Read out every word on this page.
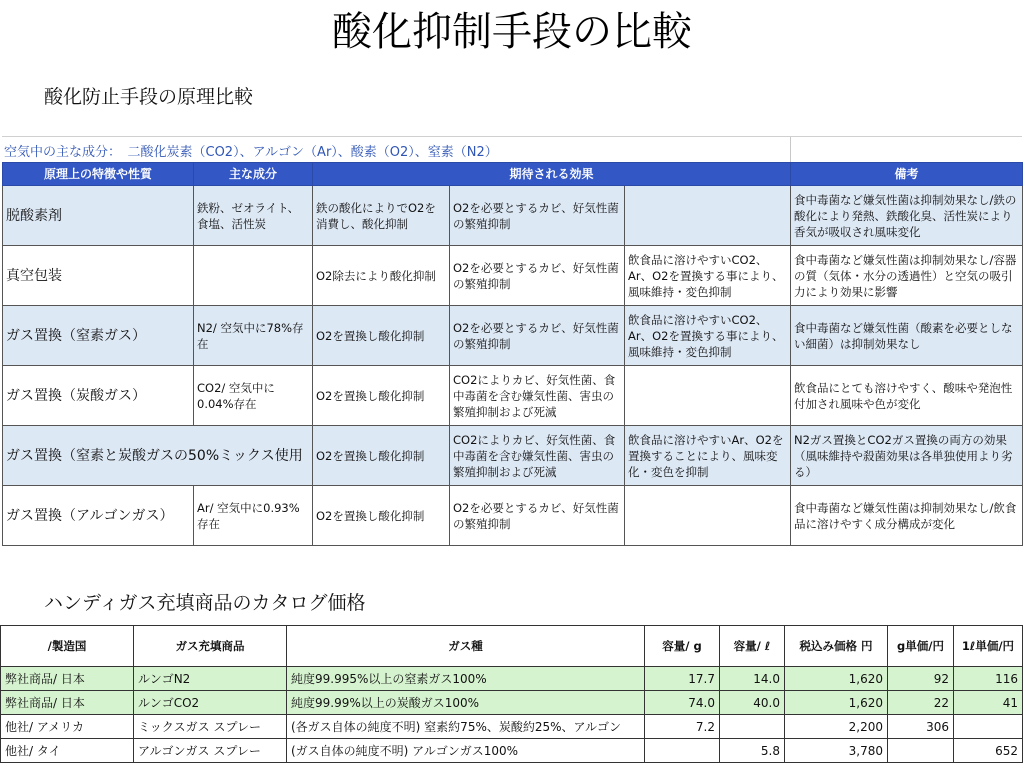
酸化抑制手段の比較
酸化防止手段の原理比較
空気中の主な成分：　二酸化炭素（CO2）、アルゴン（Ar）、酸素（O2）、窒素（N2）
原理上の特徴や性質	主な成分	期待される効果			備考
脱酸素剤	鉄粉、ゼオライト、食塩、活性炭	鉄の酸化によりでO2を消費し、酸化抑制	O2を必要とするカビ、好気性菌の繁殖抑制		食中毒菌など嫌気性菌は抑制効果なし/鉄の酸化により発熱、鉄酸化臭、活性炭により香気が吸収され風味変化
真空包装		O2除去により酸化抑制	O2を必要とするカビ、好気性菌の繁殖抑制	飲食品に溶けやすいCO2、Ar、O2を置換する事により、風味維持・変色抑制	食中毒菌など嫌気性菌は抑制効果なし/容器の質（気体・水分の透過性）と空気の吸引力により効果に影響
ガス置換（窒素ガス）	N2/ 空気中に78%存在	O2を置換し酸化抑制	O2を必要とするカビ、好気性菌の繁殖抑制	飲食品に溶けやすいCO2、Ar、O2を置換する事により、風味維持・変色抑制	食中毒菌など嫌気性菌（酸素を必要としない細菌）は抑制効果なし
ガス置換（炭酸ガス）	CO2/ 空気中に0.04%存在	O2を置換し酸化抑制	CO2によりカビ、好気性菌、食中毒菌を含む嫌気性菌、害虫の繁殖抑制および死滅		飲食品にとても溶けやすく、酸味や発泡性付加され風味や色が変化
ガス置換（窒素と炭酸ガスの50%ミックス使用		O2を置換し酸化抑制	CO2によりカビ、好気性菌、食中毒菌を含む嫌気性菌、害虫の繁殖抑制および死滅	飲食品に溶けやすいAr、O2を置換することにより、風味変化・変色を抑制	N2ガス置換とCO2ガス置換の両方の効果（風味維持や殺菌効果は各単独使用より劣る）
ガス置換（アルゴンガス）	Ar/ 空気中に0.93%存在	O2を置換し酸化抑制	O2を必要とするカビ、好気性菌の繁殖抑制		食中毒菌など嫌気性菌は抑制効果なし/飲食品に溶けやすく成分構成が変化
ハンディガス充填商品のカタログ価格
/製造国	ガス充填商品	ガス種	容量/ g	容量/ ℓ	税込み価格 円	g単価/円	1ℓ単価/円
弊社商品/ 日本	ルンゴN2	純度99.995%以上の窒素ガス100%	17.7	14.0	1,620	92	116
弊社商品/ 日本	ルンゴCO2	純度99.99%以上の炭酸ガス100%	74.0	40.0	1,620	22	41
他社/ アメリカ	ミックスガス スプレー	(各ガス自体の純度不明) 窒素約75%、炭酸約25%、アルゴン	7.2		2,200	306	
他社/ タイ	アルゴンガス スプレー	(ガス自体の純度不明) アルゴンガス100%		5.8	3,780		652
